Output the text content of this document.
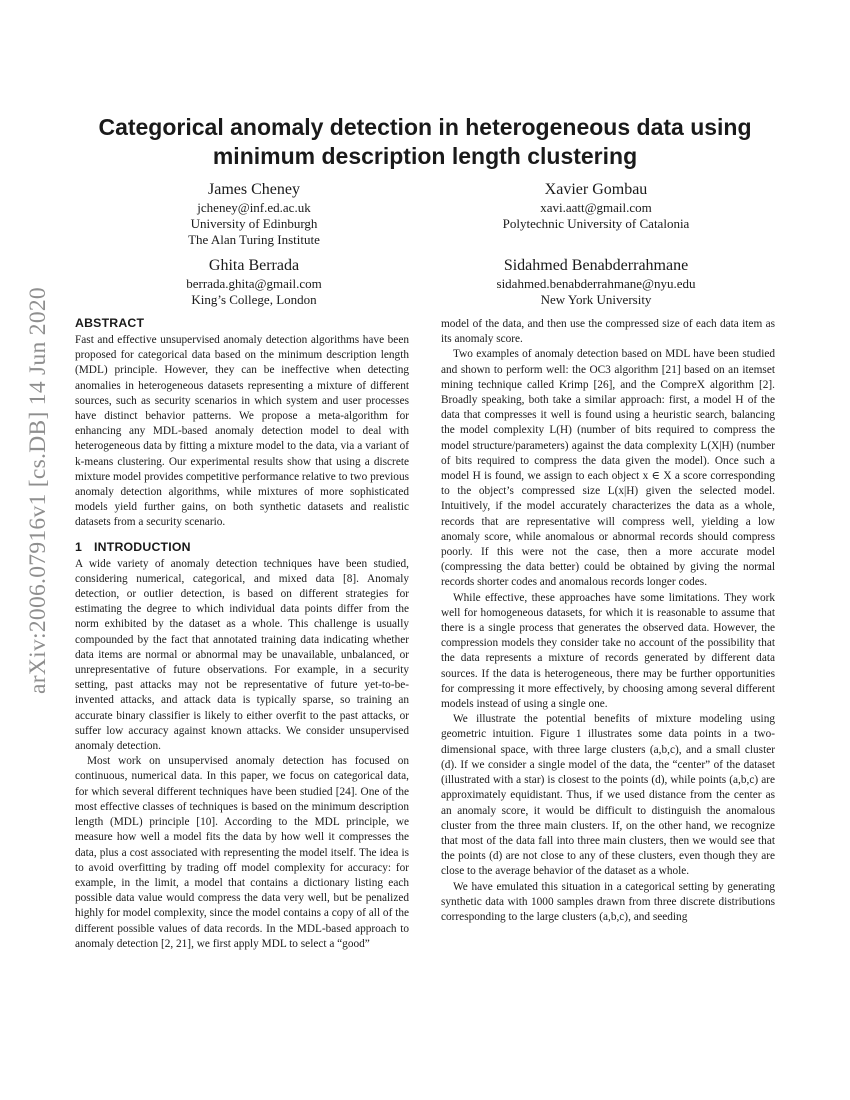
arXiv:2006.07916v1 [cs.DB] 14 Jun 2020
Categorical anomaly detection in heterogeneous data using
minimum description length clustering
James Cheney
jcheney@inf.ed.ac.uk
University of Edinburgh
The Alan Turing Institute
Xavier Gombau
xavi.aatt@gmail.com
Polytechnic University of Catalonia
Ghita Berrada
berrada.ghita@gmail.com
King’s College, London
Sidahmed Benabderrahmane
sidahmed.benabderrahmane@nyu.edu
New York University
ABSTRACT

Fast and effective unsupervised anomaly detection algorithms have been proposed for categorical data based on the minimum description length (MDL) principle. However, they can be ineffective when detecting anomalies in heterogeneous datasets representing a mixture of different sources, such as security scenarios in which system and user processes have distinct behavior patterns. We propose a meta-algorithm for enhancing any MDL-based anomaly detection model to deal with heterogeneous data by fitting a mixture model to the data, via a variant of k-means clustering. Our experimental results show that using a discrete mixture model provides competitive performance relative to two previous anomaly detection algorithms, while mixtures of more sophisticated models yield further gains, on both synthetic datasets and realistic datasets from a security scenario.

1 INTRODUCTION

A wide variety of anomaly detection techniques have been studied, considering numerical, categorical, and mixed data [8]. Anomaly detection, or outlier detection, is based on different strategies for estimating the degree to which individual data points differ from the norm exhibited by the dataset as a whole. This challenge is usually compounded by the fact that annotated training data indicating whether data items are normal or abnormal may be unavailable, unbalanced, or unrepresentative of future observations. For example, in a security setting, past attacks may not be representative of future yet-to-be-invented attacks, and attack data is typically sparse, so training an accurate binary classifier is likely to either overfit to the past attacks, or suffer low accuracy against known attacks. We consider unsupervised anomaly detection.

Most work on unsupervised anomaly detection has focused on continuous, numerical data. In this paper, we focus on categorical data, for which several different techniques have been studied [24]. One of the most effective classes of techniques is based on the minimum description length (MDL) principle [10]. According to the MDL principle, we measure how well a model fits the data by how well it compresses the data, plus a cost associated with representing the model itself. The idea is to avoid overfitting by trading off model complexity for accuracy: for example, in the limit, a model that contains a dictionary listing each possible data value would compress the data very well, but be penalized highly for model complexity, since the model contains a copy of all of the different possible values of data records. In the MDL-based approach to anomaly detection [2, 21], we first apply MDL to select a “good”

model of the data, and then use the compressed size of each data item as its anomaly score.

Two examples of anomaly detection based on MDL have been studied and shown to perform well: the OC3 algorithm [21] based on an itemset mining technique called Krimp [26], and the CompreX algorithm [2]. Broadly speaking, both take a similar approach: first, a model H of the data that compresses it well is found using a heuristic search, balancing the model complexity L(H) (number of bits required to compress the model structure/parameters) against the data complexity L(X|H) (number of bits required to compress the data given the model). Once such a model H is found, we assign to each object x ∈ X a score corresponding to the object’s compressed size L(x|H) given the selected model. Intuitively, if the model accurately characterizes the data as a whole, records that are representative will compress well, yielding a low anomaly score, while anomalous or abnormal records should compress poorly. If this were not the case, then a more accurate model (compressing the data better) could be obtained by giving the normal records shorter codes and anomalous records longer codes.

While effective, these approaches have some limitations. They work well for homogeneous datasets, for which it is reasonable to assume that there is a single process that generates the observed data. However, the compression models they consider take no account of the possibility that the data represents a mixture of records generated by different data sources. If the data is heterogeneous, there may be further opportunities for compressing it more effectively, by choosing among several different models instead of using a single one.

We illustrate the potential benefits of mixture modeling using geometric intuition. Figure 1 illustrates some data points in a two-dimensional space, with three large clusters (a,b,c), and a small cluster (d). If we consider a single model of the data, the “center” of the dataset (illustrated with a star) is closest to the points (d), while points (a,b,c) are approximately equidistant. Thus, if we used distance from the center as an anomaly score, it would be difficult to distinguish the anomalous cluster from the three main clusters. If, on the other hand, we recognize that most of the data fall into three main clusters, then we would see that the points (d) are not close to any of these clusters, even though they are close to the average behavior of the dataset as a whole.

We have emulated this situation in a categorical setting by generating synthetic data with 1000 samples drawn from three discrete distributions corresponding to the large clusters (a,b,c), and seeding
